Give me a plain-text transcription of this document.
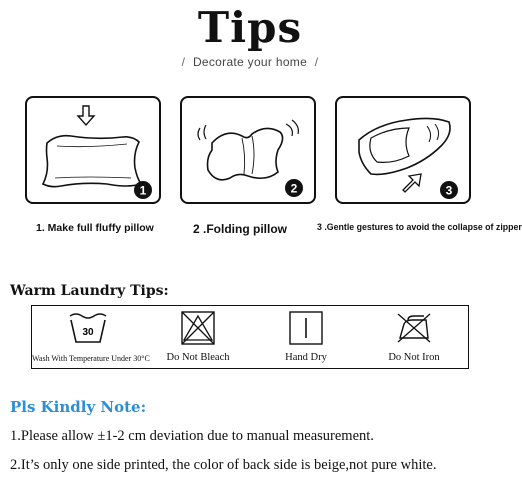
Tips
/ Decorate your home /
1	2	3
1. Make full fluffy pillow	2 .Folding pillow	3 .Gentle gestures to avoid the collapse of zipper
Warm Laundry Tips:
30
Wash With Temperature Under 30°C	Do Not Bleach	Hand Dry	Do Not Iron
Pls Kindly Note:
1.Please allow ±1-2 cm deviation due to manual measurement.
2.It’s only one side printed, the color of back side is beige,not pure white.
